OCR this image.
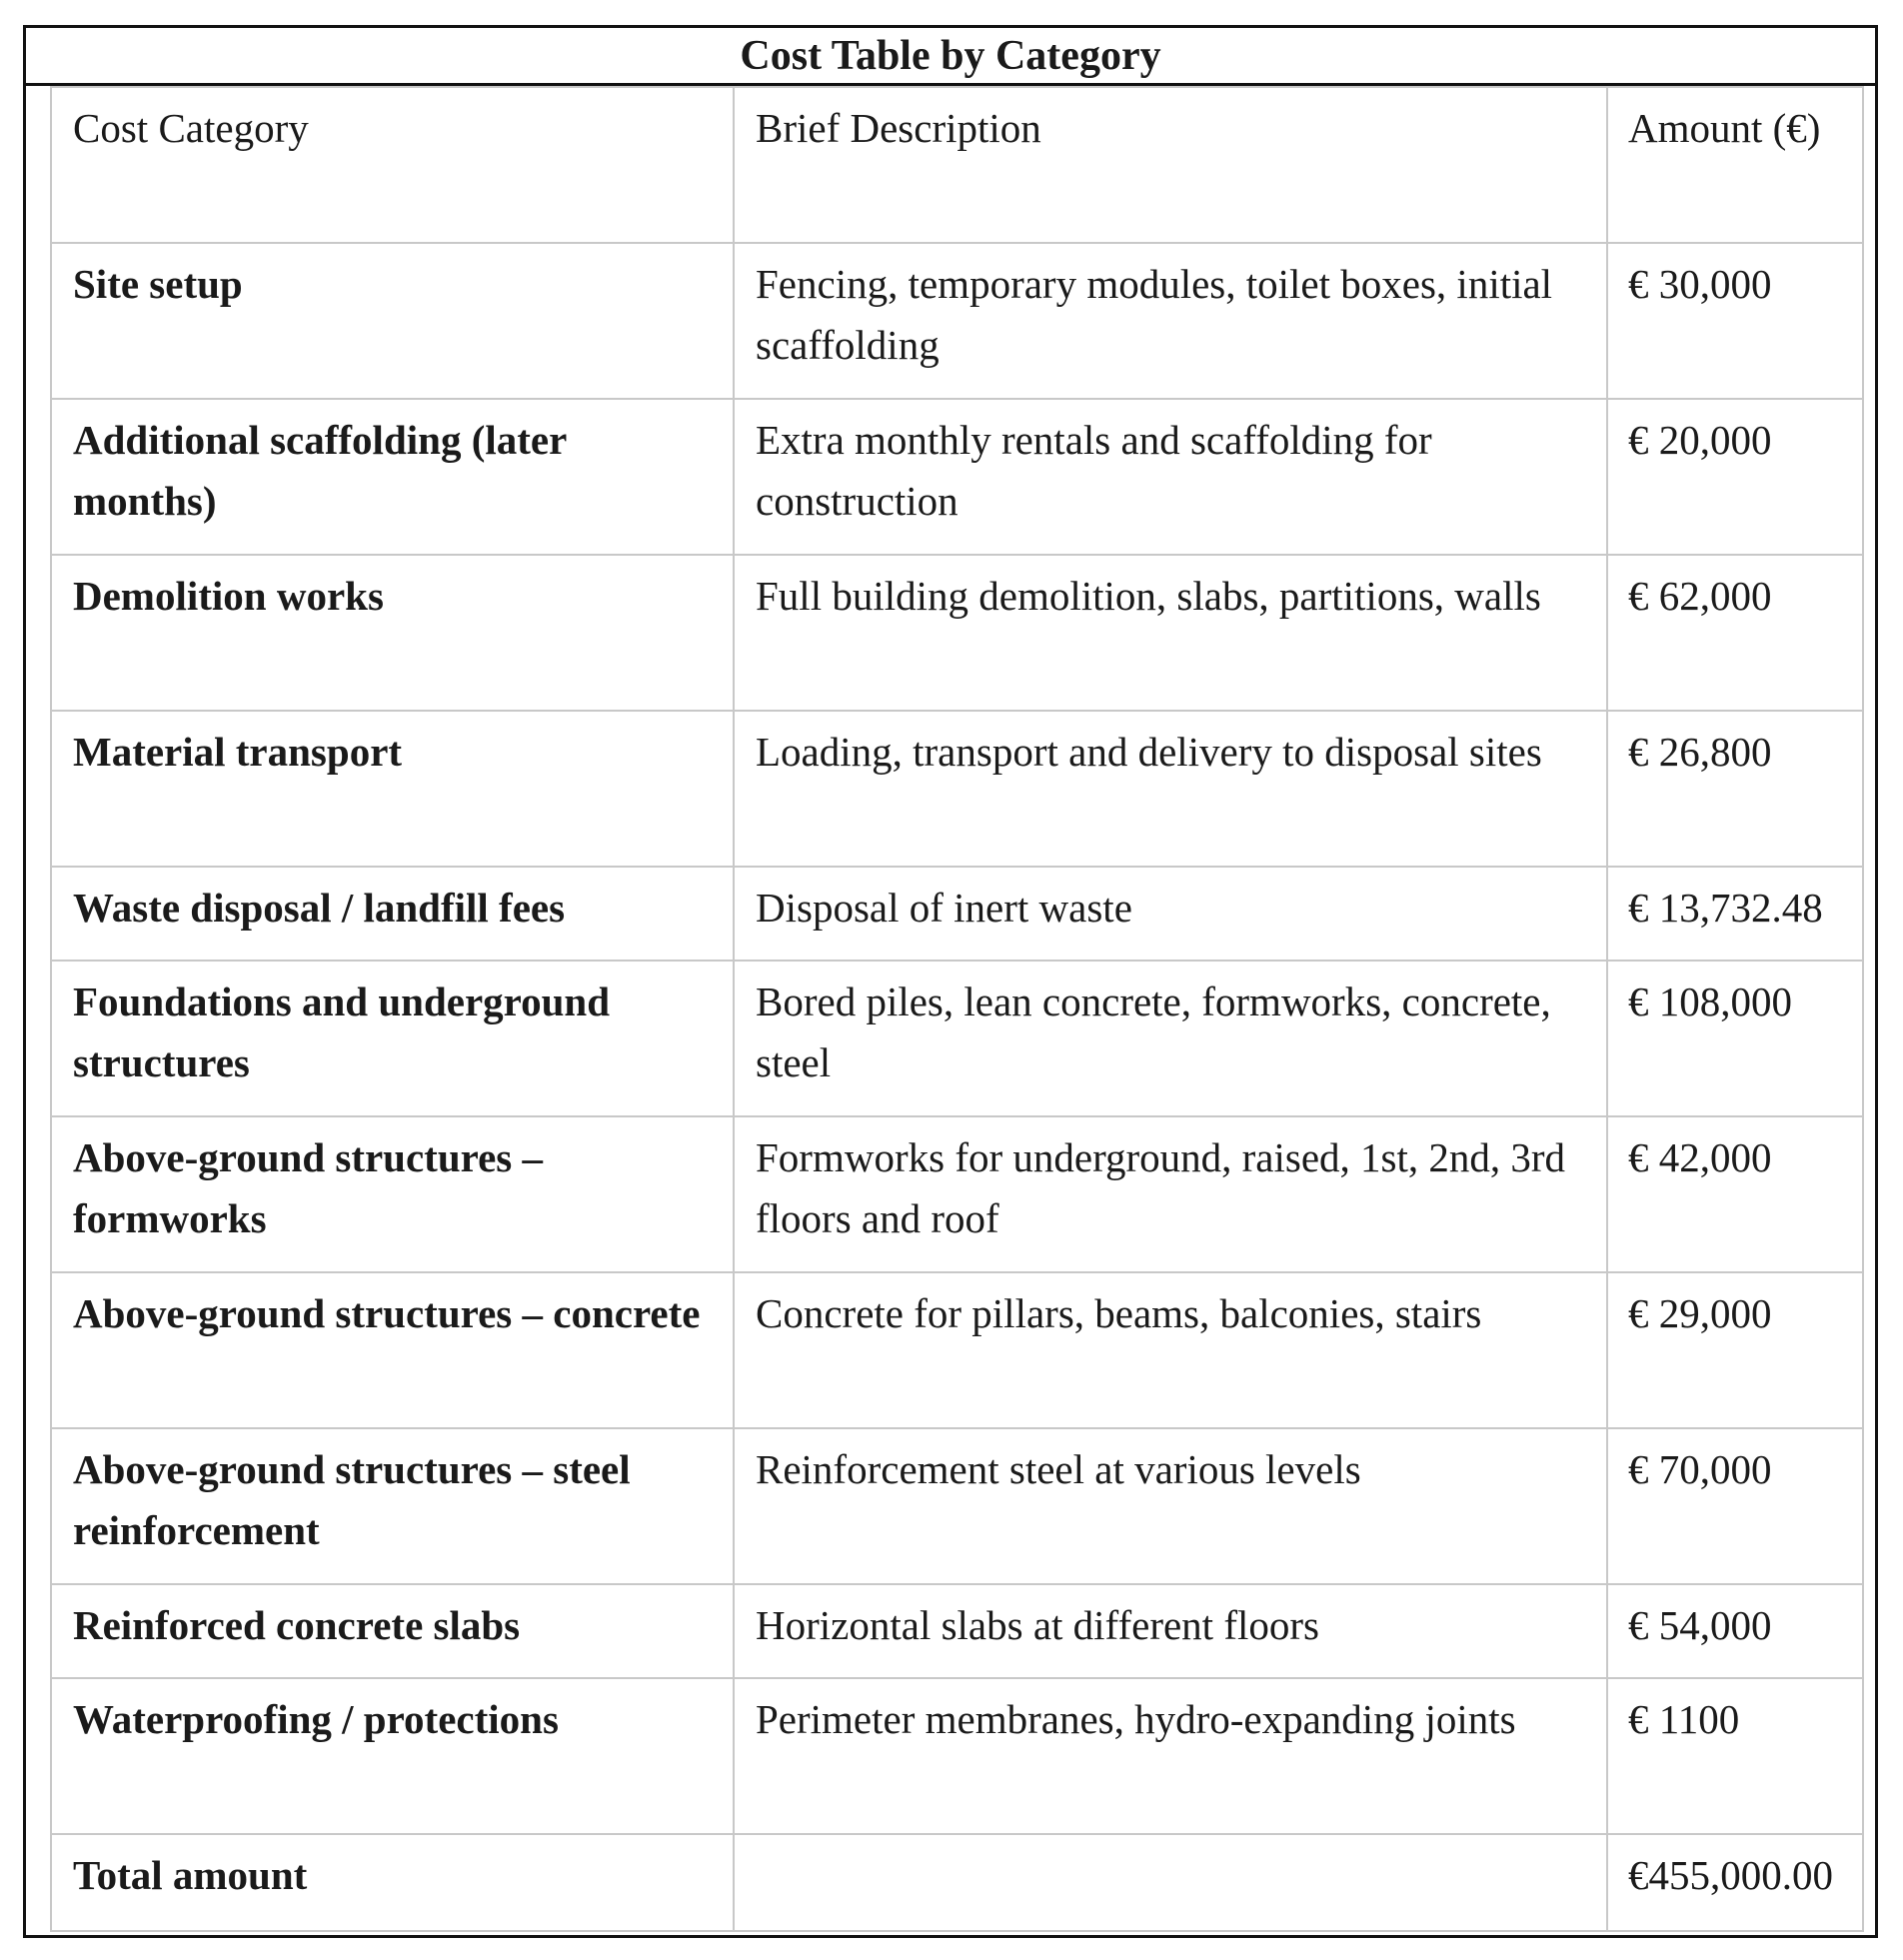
Cost Table by Category
Cost Category	Brief Description	Amount (€)
Site setup	Fencing, temporary modules, toilet boxes, initial scaffolding	€ 30,000
Additional scaffolding (later months)	Extra monthly rentals and scaffolding for construction	€ 20,000
Demolition works	Full building demolition, slabs, partitions, walls	€ 62,000
Material transport	Loading, transport and delivery to disposal sites	€ 26,800
Waste disposal / landfill fees	Disposal of inert waste	€ 13,732.48
Foundations and underground structures	Bored piles, lean concrete, formworks, concrete, steel	€ 108,000
Above-ground structures – formworks	Formworks for underground, raised, 1st, 2nd, 3rd floors and roof	€ 42,000
Above-ground structures – concrete	Concrete for pillars, beams, balconies, stairs	€ 29,000
Above-ground structures – steel reinforcement	Reinforcement steel at various levels	€ 70,000
Reinforced concrete slabs	Horizontal slabs at different floors	€ 54,000
Waterproofing / protections	Perimeter membranes, hydro-expanding joints	€ 1100
Total amount		€455,000.00
